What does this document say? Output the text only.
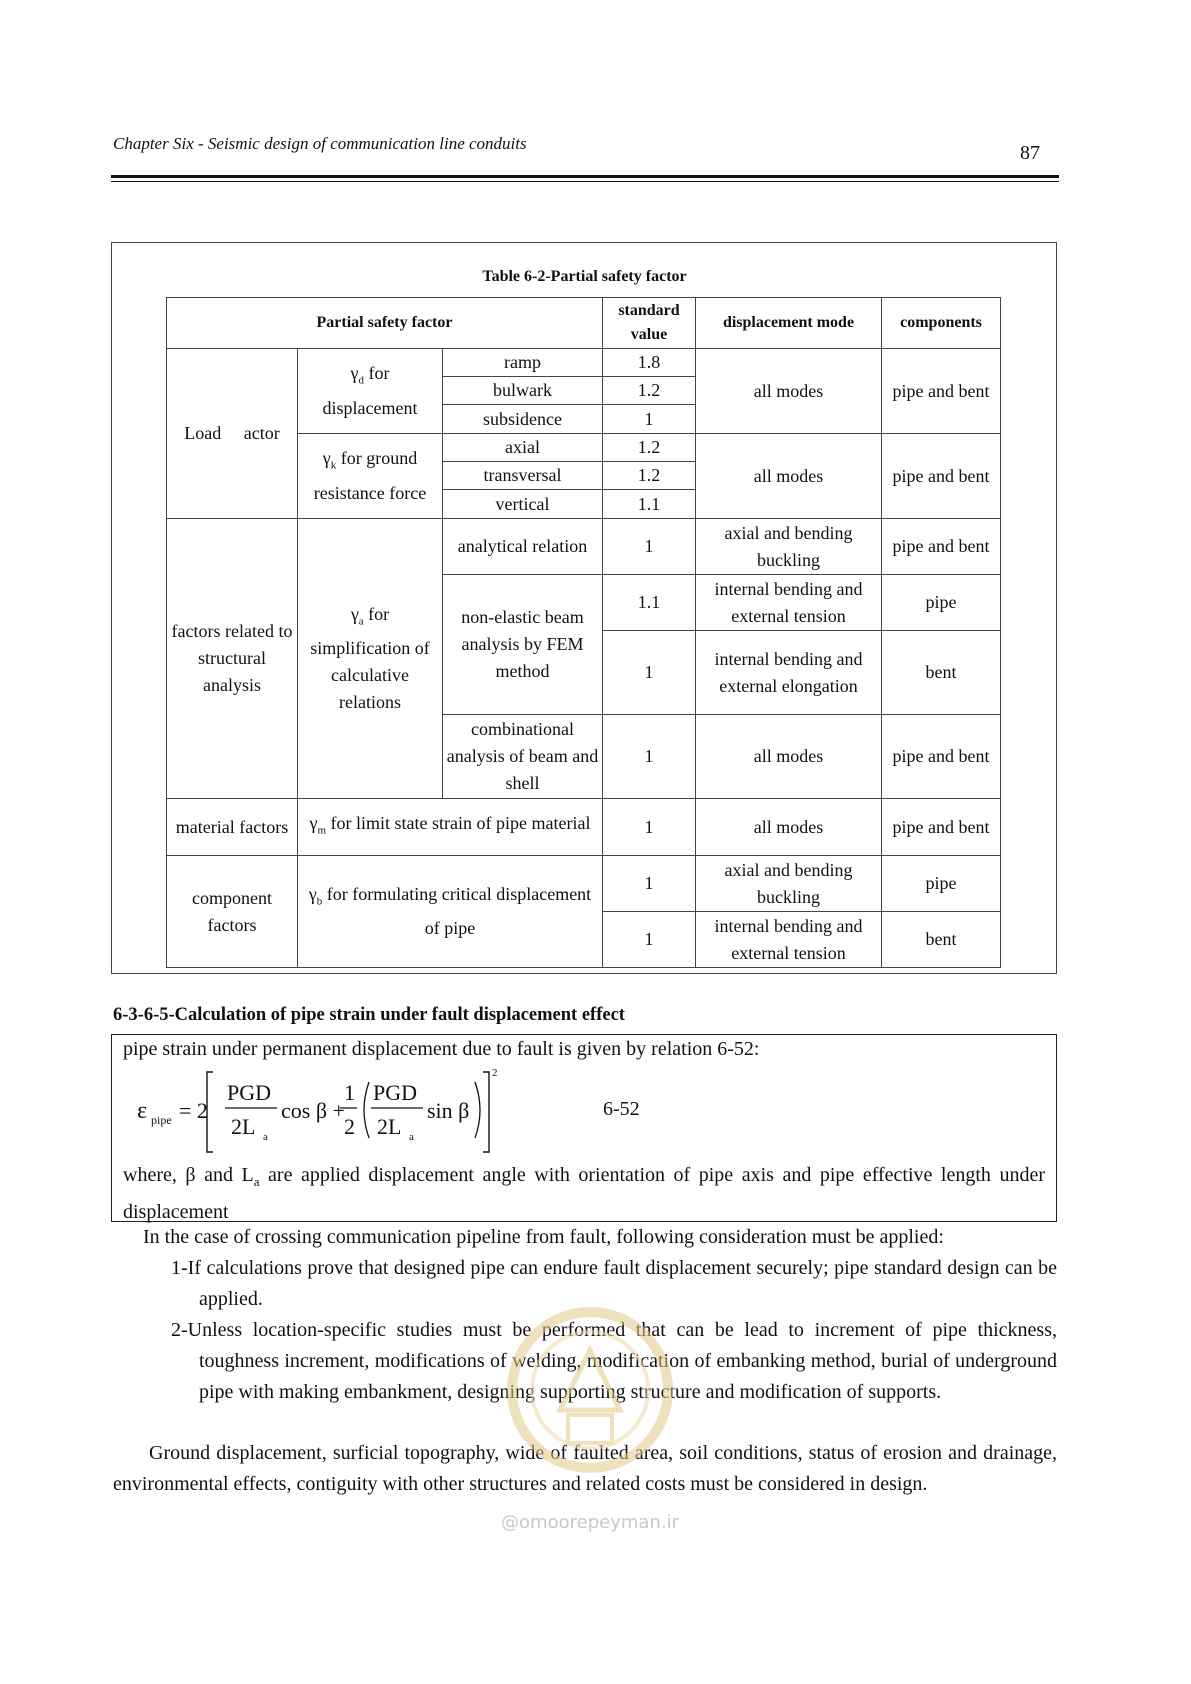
Chapter Six - Seismic design of communication line conduits	87
Table 6-2-Partial safety factor
Partial safety factor			standard value	displacement mode	components
Load     actor	$\gamma_d$ for displacement	ramp	1.8	all modes	pipe and bent
		bulwark	1.2		
		subsidence	1		
	$\gamma_k$ for ground resistance force	axial	1.2	all modes	pipe and bent
		transversal	1.2		
		vertical	1.1		
factors related to structural analysis	$\gamma_a$ for simplification of calculative relations	analytical relation	1	axial and bending buckling	pipe and bent
		non-elastic beam analysis by FEM method	1.1	internal bending and external tension	pipe
			1	internal bending and external elongation	bent
		combinational analysis of beam and shell	1	all modes	pipe and bent

material factors	$\gamma_m$ for limit state strain of pipe material		1	all modes	pipe and bent
component factors	$\gamma_b$ for formulating critical displacement of pipe		1	axial and bending buckling	pipe
			1	internal bending and external tension	bent
6-3-6-5-Calculation of pipe strain under fault displacement effect
pipe strain under permanent displacement due to fault is given by relation 6-52:
ε pipe = 2
PGD
2L a
cos β +
1
2
PGD
2L a
sin β
2
6-52
where, β and $L_a$ are applied displacement angle with orientation of pipe axis and pipe effective length under displacement
In the case of crossing communication pipeline from fault, following consideration must be applied:
1-If calculations prove that designed pipe can endure fault displacement securely; pipe standard design can be applied.
2-Unless location-specific studies must be performed that can be lead to increment of pipe thickness, toughness increment, modifications of welding, modification of embanking method, burial of underground pipe with making embankment, designing supporting structure and modification of supports.
Ground displacement, surficial topography, wide of faulted area, soil conditions, status of erosion and drainage, environmental effects, contiguity with other structures and related costs must be considered in design.
@omoorepeyman.ir
